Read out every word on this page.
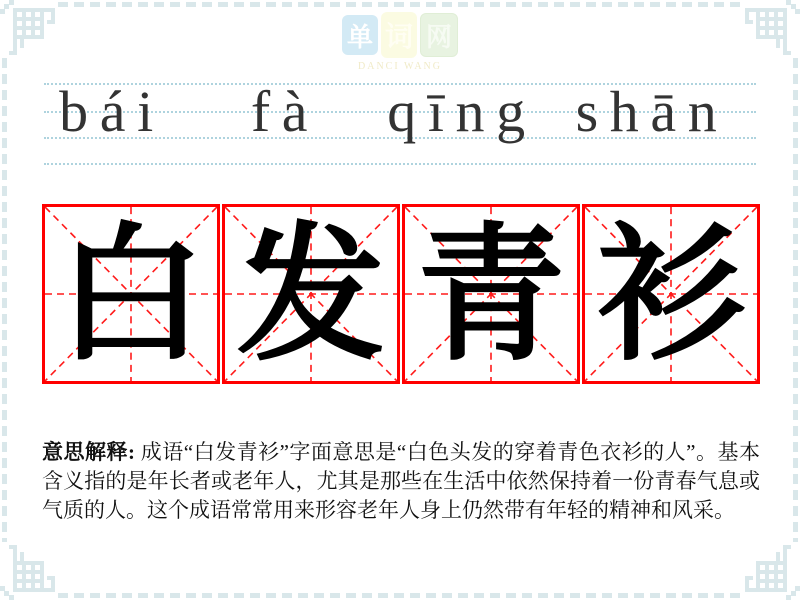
单 词 网
DANCI WANG
bái fà qīng shān
白 发 青 衫

意思解释: 成语“白发青衫”字面意思是“白色头发的穿着青色衣衫的人”。基本含义指的是年长者或老年人，尤其是那些在生活中依然保持着一份青春气息或气质的人。这个成语常常用来形容老年人身上仍然带有年轻的精神和风采。
